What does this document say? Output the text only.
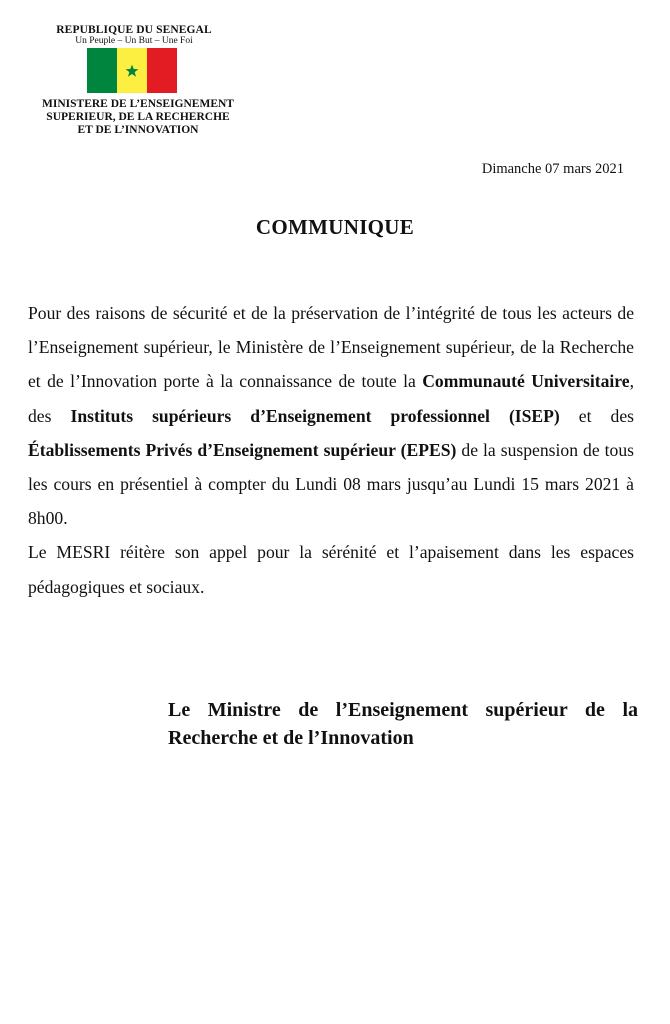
REPUBLIQUE DU SENEGAL
Un Peuple – Un But – Une Foi
MINISTERE DE L’ENSEIGNEMENT
SUPERIEUR, DE LA RECHERCHE
ET DE L’INNOVATION
Dimanche 07 mars 2021
COMMUNIQUE

Pour des raisons de sécurité et de la préservation de l’intégrité de tous les acteurs de l’Enseignement supérieur, le Ministère de l’Enseignement supérieur, de la Recherche et de l’Innovation porte à la connaissance de toute la Communauté Universitaire, des Instituts supérieurs d’Enseignement professionnel (ISEP) et des Établissements Privés d’Enseignement supérieur (EPES) de la suspension de tous les cours en présentiel à compter du Lundi 08 mars jusqu’au Lundi 15 mars 2021 à 8h00.

Le MESRI réitère son appel pour la sérénité et l’apaisement dans les espaces pédagogiques et sociaux.

Le Ministre de l’Enseignement supérieur de la Recherche et de l’Innovation
